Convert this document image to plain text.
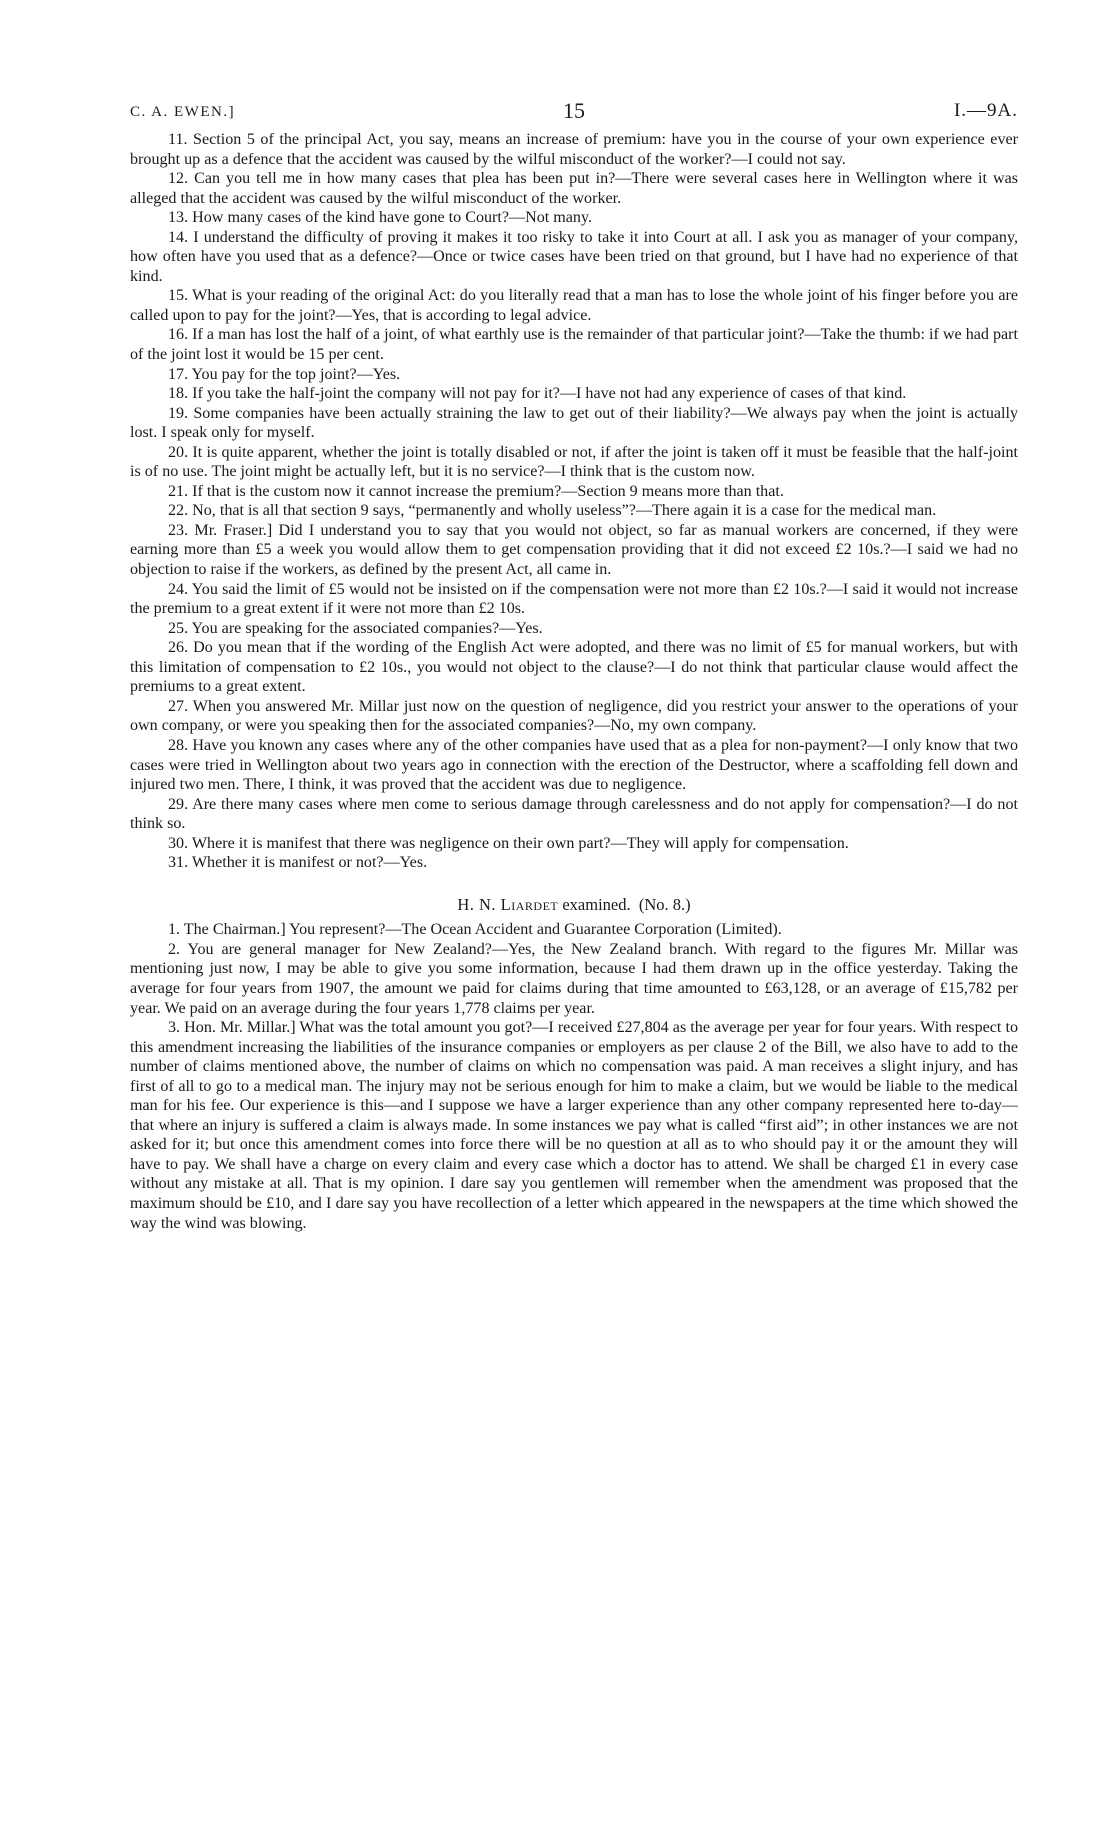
C. A. EWEN.]	15	I.—9A.

11. Section 5 of the principal Act, you say, means an increase of premium: have you in the course of your own experience ever brought up as a defence that the accident was caused by the wilful misconduct of the worker?—I could not say.

12. Can you tell me in how many cases that plea has been put in?—There were several cases here in Wellington where it was alleged that the accident was caused by the wilful misconduct of the worker.

13. How many cases of the kind have gone to Court?—Not many.

14. I understand the difficulty of proving it makes it too risky to take it into Court at all. I ask you as manager of your company, how often have you used that as a defence?—Once or twice cases have been tried on that ground, but I have had no experience of that kind.

15. What is your reading of the original Act: do you literally read that a man has to lose the whole joint of his finger before you are called upon to pay for the joint?—Yes, that is according to legal advice.

16. If a man has lost the half of a joint, of what earthly use is the remainder of that particular joint?—Take the thumb: if we had part of the joint lost it would be 15 per cent.

17. You pay for the top joint?—Yes.

18. If you take the half-joint the company will not pay for it?—I have not had any experience of cases of that kind.

19. Some companies have been actually straining the law to get out of their liability?—We always pay when the joint is actually lost. I speak only for myself.

20. It is quite apparent, whether the joint is totally disabled or not, if after the joint is taken off it must be feasible that the half-joint is of no use. The joint might be actually left, but it is no service?—I think that is the custom now.

21. If that is the custom now it cannot increase the premium?—Section 9 means more than that.

22. No, that is all that section 9 says, “permanently and wholly useless”?—There again it is a case for the medical man.

23. Mr. Fraser.] Did I understand you to say that you would not object, so far as manual workers are concerned, if they were earning more than £5 a week you would allow them to get compensation providing that it did not exceed £2 10s.?—I said we had no objection to raise if the workers, as defined by the present Act, all came in.

24. You said the limit of £5 would not be insisted on if the compensation were not more than £2 10s.?—I said it would not increase the premium to a great extent if it were not more than £2 10s.

25. You are speaking for the associated companies?—Yes.

26. Do you mean that if the wording of the English Act were adopted, and there was no limit of £5 for manual workers, but with this limitation of compensation to £2 10s., you would not object to the clause?—I do not think that particular clause would affect the premiums to a great extent.

27. When you answered Mr. Millar just now on the question of negligence, did you restrict your answer to the operations of your own company, or were you speaking then for the associated companies?—No, my own company.

28. Have you known any cases where any of the other companies have used that as a plea for non-payment?—I only know that two cases were tried in Wellington about two years ago in connection with the erection of the Destructor, where a scaffolding fell down and injured two men. There, I think, it was proved that the accident was due to negligence.

29. Are there many cases where men come to serious damage through carelessness and do not apply for compensation?—I do not think so.

30. Where it is manifest that there was negligence on their own part?—They will apply for compensation.

31. Whether it is manifest or not?—Yes.

H. N. Liardet examined. (No. 8.)

1. The Chairman.] You represent?—The Ocean Accident and Guarantee Corporation (Limited).

2. You are general manager for New Zealand?—Yes, the New Zealand branch. With regard to the figures Mr. Millar was mentioning just now, I may be able to give you some information, because I had them drawn up in the office yesterday. Taking the average for four years from 1907, the amount we paid for claims during that time amounted to £63,128, or an average of £15,782 per year. We paid on an average during the four years 1,778 claims per year.

3. Hon. Mr. Millar.] What was the total amount you got?—I received £27,804 as the average per year for four years. With respect to this amendment increasing the liabilities of the insurance companies or employers as per clause 2 of the Bill, we also have to add to the number of claims mentioned above, the number of claims on which no compensation was paid. A man receives a slight injury, and has first of all to go to a medical man. The injury may not be serious enough for him to make a claim, but we would be liable to the medical man for his fee. Our experience is this—and I suppose we have a larger experience than any other company represented here to-day—that where an injury is suffered a claim is always made. In some instances we pay what is called “first aid”; in other instances we are not asked for it; but once this amendment comes into force there will be no question at all as to who should pay it or the amount they will have to pay. We shall have a charge on every claim and every case which a doctor has to attend. We shall be charged £1 in every case without any mistake at all. That is my opinion. I dare say you gentlemen will remember when the amendment was proposed that the maximum should be £10, and I dare say you have recollection of a letter which appeared in the newspapers at the time which showed the way the wind was blowing.
